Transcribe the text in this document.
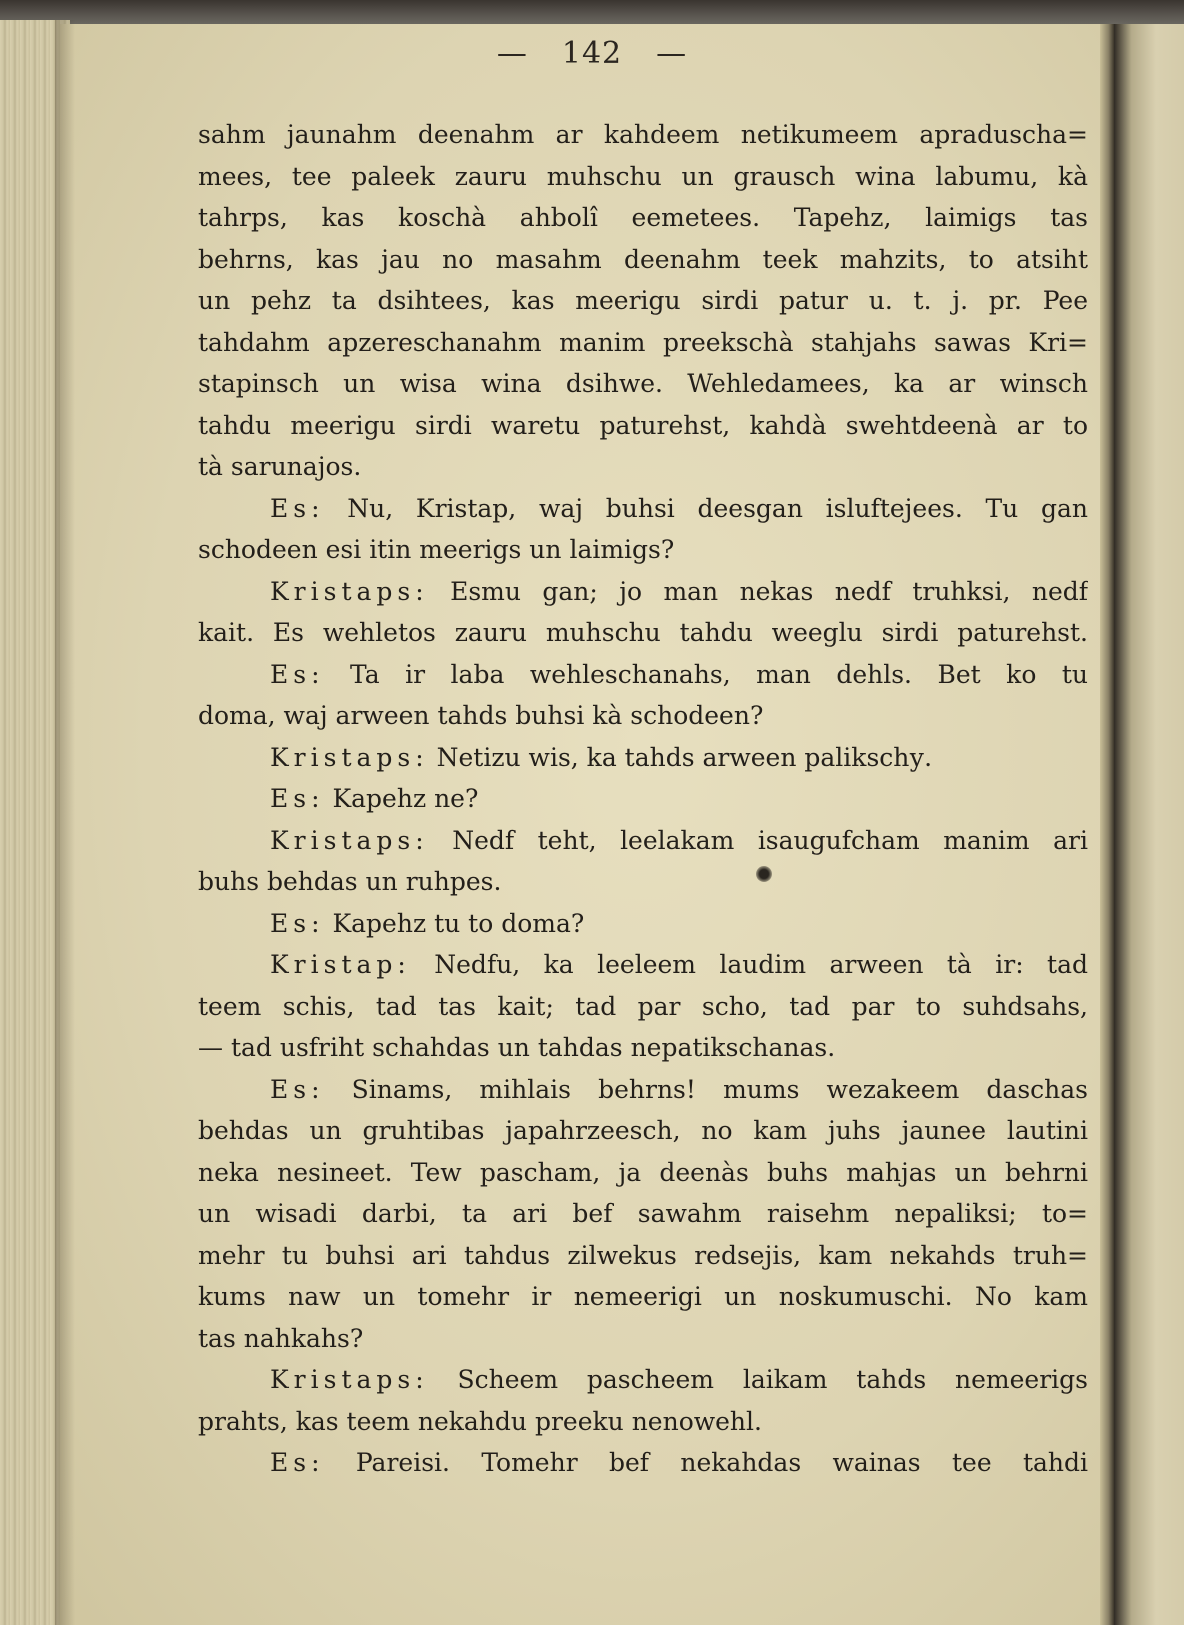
— 142 —
sahm jaunahm deenahm ar kahdeem netikumeem apraduschа=
mees, tee paleek zauru muhschu un grausch wina labumu, kà
tahrps, kas koschà ahbolî eemetees. Tapehz, laimigs tas
behrns, kas jau no masahm deenahm teek mahzits, to atsiht
un pehz ta dsihtees, kas meerigu sirdi patur u. t. j. pr. Pee
tahdahm apzereschanahm manim preekschà stahjahs sawas Kri=
stapinsch un wisa wina dsihwe. Wehledamees, ka ar winsch
tahdu meerigu sirdi waretu paturehst, kahdà swehtdeenà ar to
tà sarunajos.
Es: Nu, Kristap, waj buhsi deesgan isluftejees. Tu gan
schodeen esi itin meerigs un laimigs?
Kristaps: Esmu gan; jo man nekas nedf truhksi, nedf
kait. Es wehletos zauru muhschu tahdu weeglu sirdi paturehst.
Es: Ta ir laba wehleschanahs, man dehls. Bet ko tu
doma, waj arween tahds buhsi kà schodeen?
Kristaps: Netizu wis, ka tahds arween palikschу.
Es: Kapehz ne?
Kristaps: Nedf teht, leelakam isaugufcham manim ari
buhs behdas un ruhpes.
Es: Kapehz tu to doma?
Kristap: Nedfu, ka leeleem laudim arween tà ir: tad
teem schis, tad tas kait; tad par scho, tad par to suhdsahs,
— tad usfriht schahdas un tahdas nepatikschanas.
Es: Sinams, mihlais behrns! mums wezakeem daschas
behdas un gruhtibas japahrzeesch, no kam juhs jaunee lautini
neka nesineet. Tew pascham, ja deenàs buhs mahjas un behrni
un wisadi darbi, ta ari bef sawahm raisehm nepaliksi; to=
mehr tu buhsi ari tahdus zilwekus redsejis, kam nekahds truh=
kums naw un tomehr ir nemeerigi un noskumuschi. No kam
tas nahkahs?
Kristaps: Scheem pascheem laikam tahds nemeerigs
prahts, kas teem nekahdu preeku nenowehl.
Es: Pareisi. Tomehr bef nekahdas wainas tee tahdi
